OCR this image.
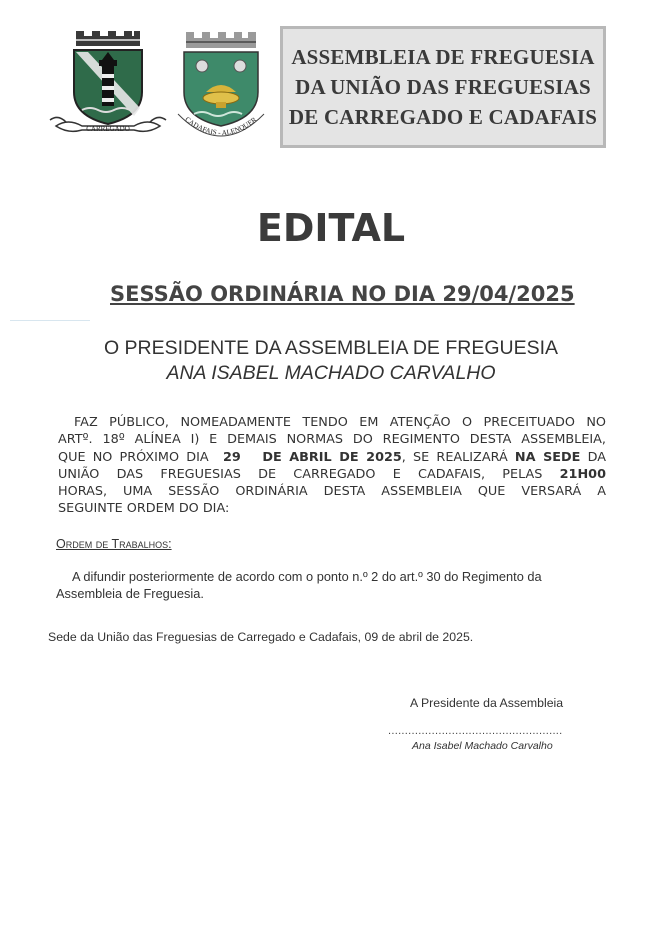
CARREGADO
CADAFAIS - ALENQUER
ASSEMBLEIA DE FREGUESIA
DA UNIÃO DAS FREGUESIAS
DE CARREGADO E CADAFAIS
EDITAL
SESSÃO ORDINÁRIA NO DIA 29/04/2025
O PRESIDENTE DA ASSEMBLEIA DE FREGUESIA
ANA ISABEL MACHADO CARVALHO
FAZ PÚBLICO, NOMEADAMENTE TENDO EM ATENÇÃO O PRECEITUADO NO
ARTº. 18º ALÍNEA I) E DEMAIS NORMAS DO REGIMENTO DESTA ASSEMBLEIA,
QUE NO PRÓXIMO DIA 29 DE ABRIL DE 2025, SE REALIZARÁ NA SEDE DA
UNIÃO DAS FREGUESIAS DE CARREGADO E CADAFAIS, PELAS 21H00
HORAS, UMA SESSÃO ORDINÁRIA DESTA ASSEMBLEIA QUE VERSARÁ A
SEGUINTE ORDEM DO DIA:
Ordem de Trabalhos:
A difundir posteriormente de acordo com o ponto n.º 2 do art.º 30 do Regimento da
Assembleia de Freguesia.
Sede da União das Freguesias de Carregado e Cadafais, 09 de abril de 2025.
A Presidente da Assembleia
....................................................
Ana Isabel Machado Carvalho
